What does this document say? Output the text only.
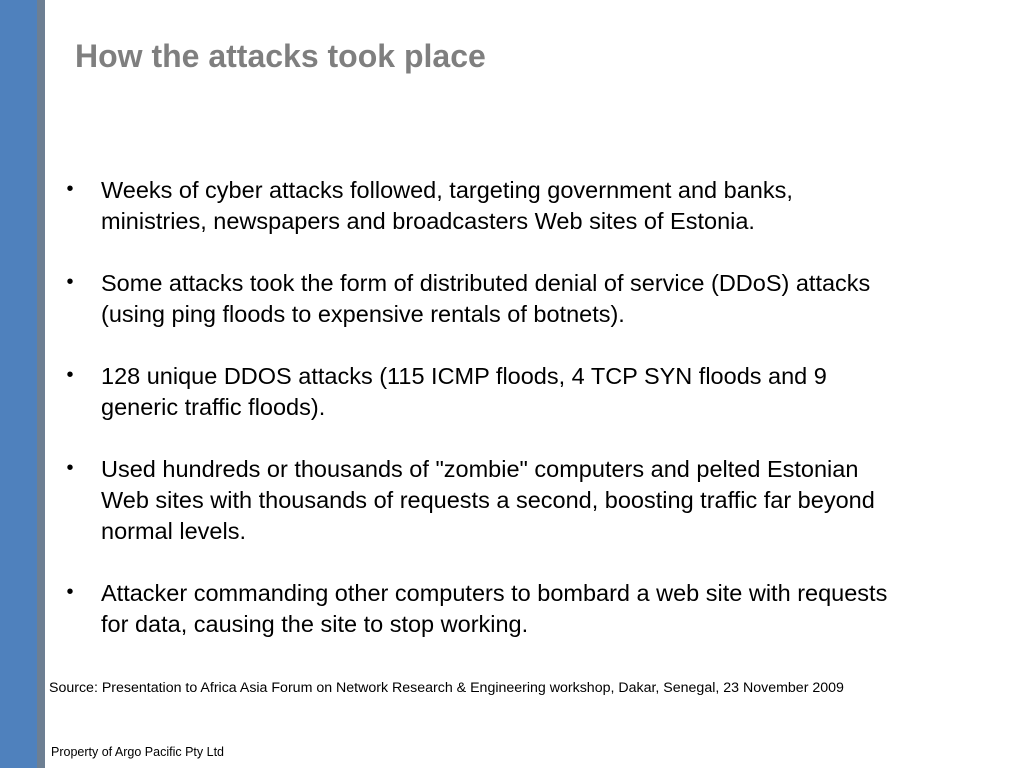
How the attacks took place
• Weeks of cyber attacks followed, targeting government and banks, ministries, newspapers and broadcasters Web sites of Estonia.
• Some attacks took the form of distributed denial of service (DDoS) attacks (using ping floods to expensive rentals of botnets).
• 128 unique DDOS attacks (115 ICMP floods, 4 TCP SYN floods and 9 generic traffic floods).
• Used hundreds or thousands of "zombie" computers and pelted Estonian Web sites with thousands of requests a second, boosting traffic far beyond normal levels.
• Attacker commanding other computers to bombard a web site with requests for data, causing the site to stop working.

Source: Presentation to Africa Asia Forum on Network Research & Engineering workshop, Dakar, Senegal, 23 November 2009

Property of Argo Pacific Pty Ltd
